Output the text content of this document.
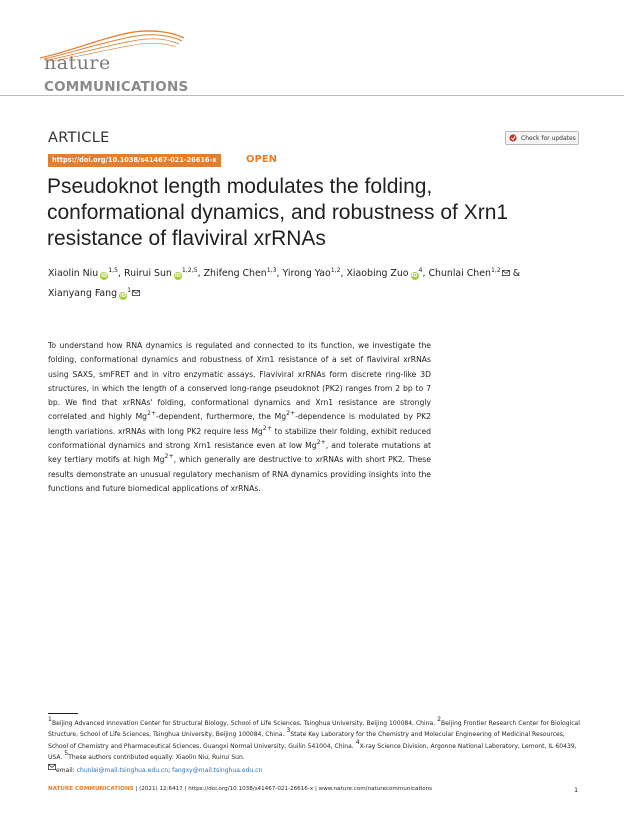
nature
COMMUNICATIONS
ARTICLE	Check for updates
https://doi.org/10.1038/s41467-021-26616-x	OPEN
Pseudoknot length modulates the folding, conformational dynamics, and robustness of Xrn1 resistance of flaviviral xrRNAs
Xiaolin Niu iD$^{1,5}$, Ruirui Sun iD$^{1,2,5}$, Zhifeng Chen$^{1,3}$, Yirong Yao$^{1,2}$, Xiaobing Zuo $iD^4$, Chunlai Chen$^{1,2}$ & Xianyang Fang $iD^1$
To understand how RNA dynamics is regulated and connected to its function, we investigate the folding, conformational dynamics and robustness of Xrn1 resistance of a set of flaviviral xrRNAs using SAXS, smFRET and in vitro enzymatic assays. Flaviviral xrRNAs form discrete ring-like 3D structures, in which the length of a conserved long-range pseudoknot (PK2) ranges from 2 bp to 7 bp. We find that xrRNAs' folding, conformational dynamics and Xrn1 resistance are strongly correlated and highly $Mg^{2+}$-dependent, furthermore, the $Mg^{2+}$-dependence is modulated by PK2 length variations. xrRNAs with long PK2 require less $Mg^{2+}$ to stabilize their folding, exhibit reduced conformational dynamics and strong Xrn1 resistance even at low $Mg^{2+}$, and tolerate mutations at key tertiary motifs at high $Mg^{2+}$, which generally are destructive to xrRNAs with short PK2. These results demonstrate an unusual regulatory mechanism of RNA dynamics providing insights into the functions and future biomedical applications of xrRNAs.
$^1$Beijing Advanced Innovation Center for Structural Biology, School of Life Sciences, Tsinghua University, Beijing 100084, China. $^2$Beijing Frontier Research Center for Biological Structure, School of Life Sciences, Tsinghua University, Beijing 100084, China. $^3$State Key Laboratory for the Chemistry and Molecular Engineering of Medicinal Resources, School of Chemistry and Pharmaceutical Sciences, Guangxi Normal University, Guilin 541004, China. $^4$X-ray Science Division, Argonne National Laboratory, Lemont, IL 60439, USA. $^5$These authors contributed equally: Xiaolin Niu, Ruirui Sun.
email: chunlai@mail.tsinghua.edu.cn; fangxy@mail.tsinghua.edu.cn
NATURE COMMUNICATIONS | (2021) 12:6417 | https://doi.org/10.1038/s41467-021-26616-x | www.nature.com/naturecommunications	1
